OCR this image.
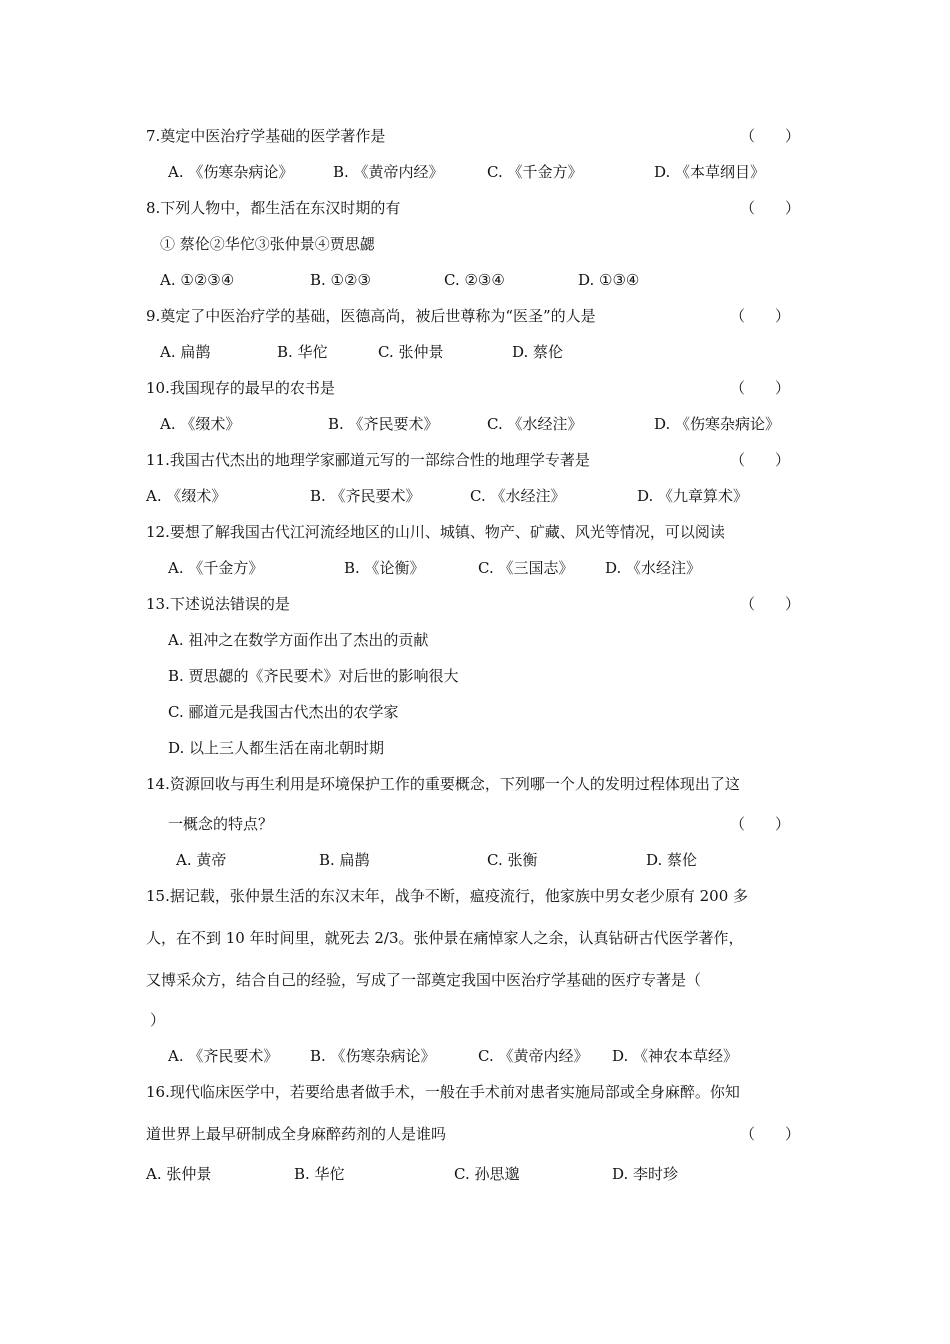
7.奠定中医治疗学基础的医学著作是	（　　）
A. 《伤寒杂病论》	B. 《黄帝内经》	C. 《千金方》	D. 《本草纲目》
8.下列人物中，都生活在东汉时期的有	（　　）
① 蔡伦②华佗③张仲景④贾思勰
A. ①②③④	B. ①②③	C. ②③④	D. ①③④
9.奠定了中医治疗学的基础，医德高尚，被后世尊称为“医圣”的人是	（　　）
A. 扁鹊	B. 华佗	C. 张仲景	D. 蔡伦
10.我国现存的最早的农书是	（　　）
A. 《缀术》	B. 《齐民要术》	C. 《水经注》	D. 《伤寒杂病论》
11.我国古代杰出的地理学家郦道元写的一部综合性的地理学专著是	（　　）
A. 《缀术》	B. 《齐民要术》	C. 《水经注》	D. 《九章算术》
12.要想了解我国古代江河流经地区的山川、城镇、物产、矿藏、风光等情况，可以阅读
A. 《千金方》	B. 《论衡》	C. 《三国志》 D. 《水经注》
13.下述说法错误的是	（　　）
A. 祖冲之在数学方面作出了杰出的贡献
B. 贾思勰的《齐民要术》对后世的影响很大
C. 郦道元是我国古代杰出的农学家
D. 以上三人都生活在南北朝时期
14.资源回收与再生利用是环境保护工作的重要概念，下列哪一个人的发明过程体现出了这
一概念的特点？	（　　）
A. 黄帝	B. 扁鹊	C. 张衡	D. 蔡伦
15.据记载，张仲景生活的东汉末年，战争不断，瘟疫流行，他家族中男女老少原有 200 多
人，在不到 10 年时间里，就死去 2/3。张仲景在痛悼家人之余，认真钻研古代医学著作，
又博采众方，结合自己的经验，写成了一部奠定我国中医治疗学基础的医疗专著是（
）
A. 《齐民要术》 B. 《伤寒杂病论》	C. 《黄帝内经》 D. 《神农本草经》
16.现代临床医学中，若要给患者做手术，一般在手术前对患者实施局部或全身麻醉。你知
道世界上最早研制成全身麻醉药剂的人是谁吗	（　　）
A. 张仲景	B. 华佗	C. 孙思邈	D. 李时珍
